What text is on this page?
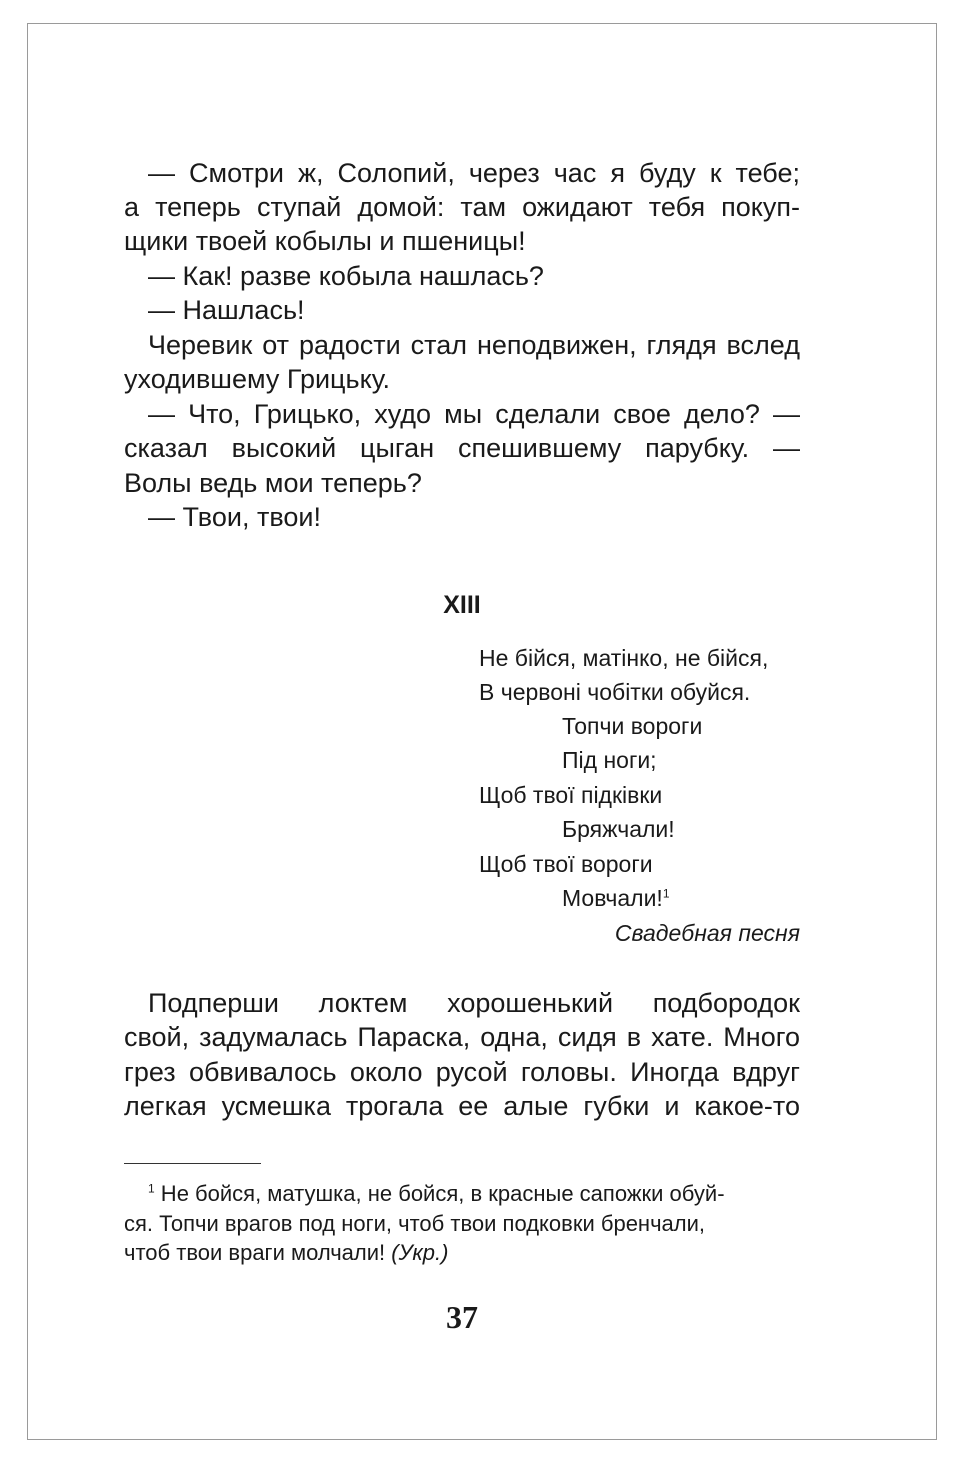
— Смотри ж, Солопий, через час я буду к тебе;
а теперь ступай домой: там ожидают тебя покуп-
щики твоей кобылы и пшеницы!
— Как! разве кобыла нашлась?
— Нашлась!
Черевик от радости стал неподвижен, глядя вслед
уходившему Грицьку.
— Что, Грицько, худо мы сделали свое дело? —
сказал высокий цыган спешившему парубку. —
Волы ведь мои теперь?
— Твои, твои!
XIII
Не бійся, матінко, не бійся,
В червоні чобітки обуйся.
Топчи вороги
Під ноги;
Щоб твої підківки
Бряжчали!
Щоб твої вороги
Мовчали!$^1$
Свадебная песня
Подперши локтем хорошенький подбородок
свой, задумалась Параска, одна, сидя в хате. Много
грез обвивалось около русой головы. Иногда вдруг
легкая усмешка трогала ее алые губки и какое-то
$^1$ Не бойся, матушка, не бойся, в красные сапожки обуй-
ся. Топчи врагов под ноги, чтоб твои подковки бренчали,
чтоб твои враги молчали! (Укр.)
37
